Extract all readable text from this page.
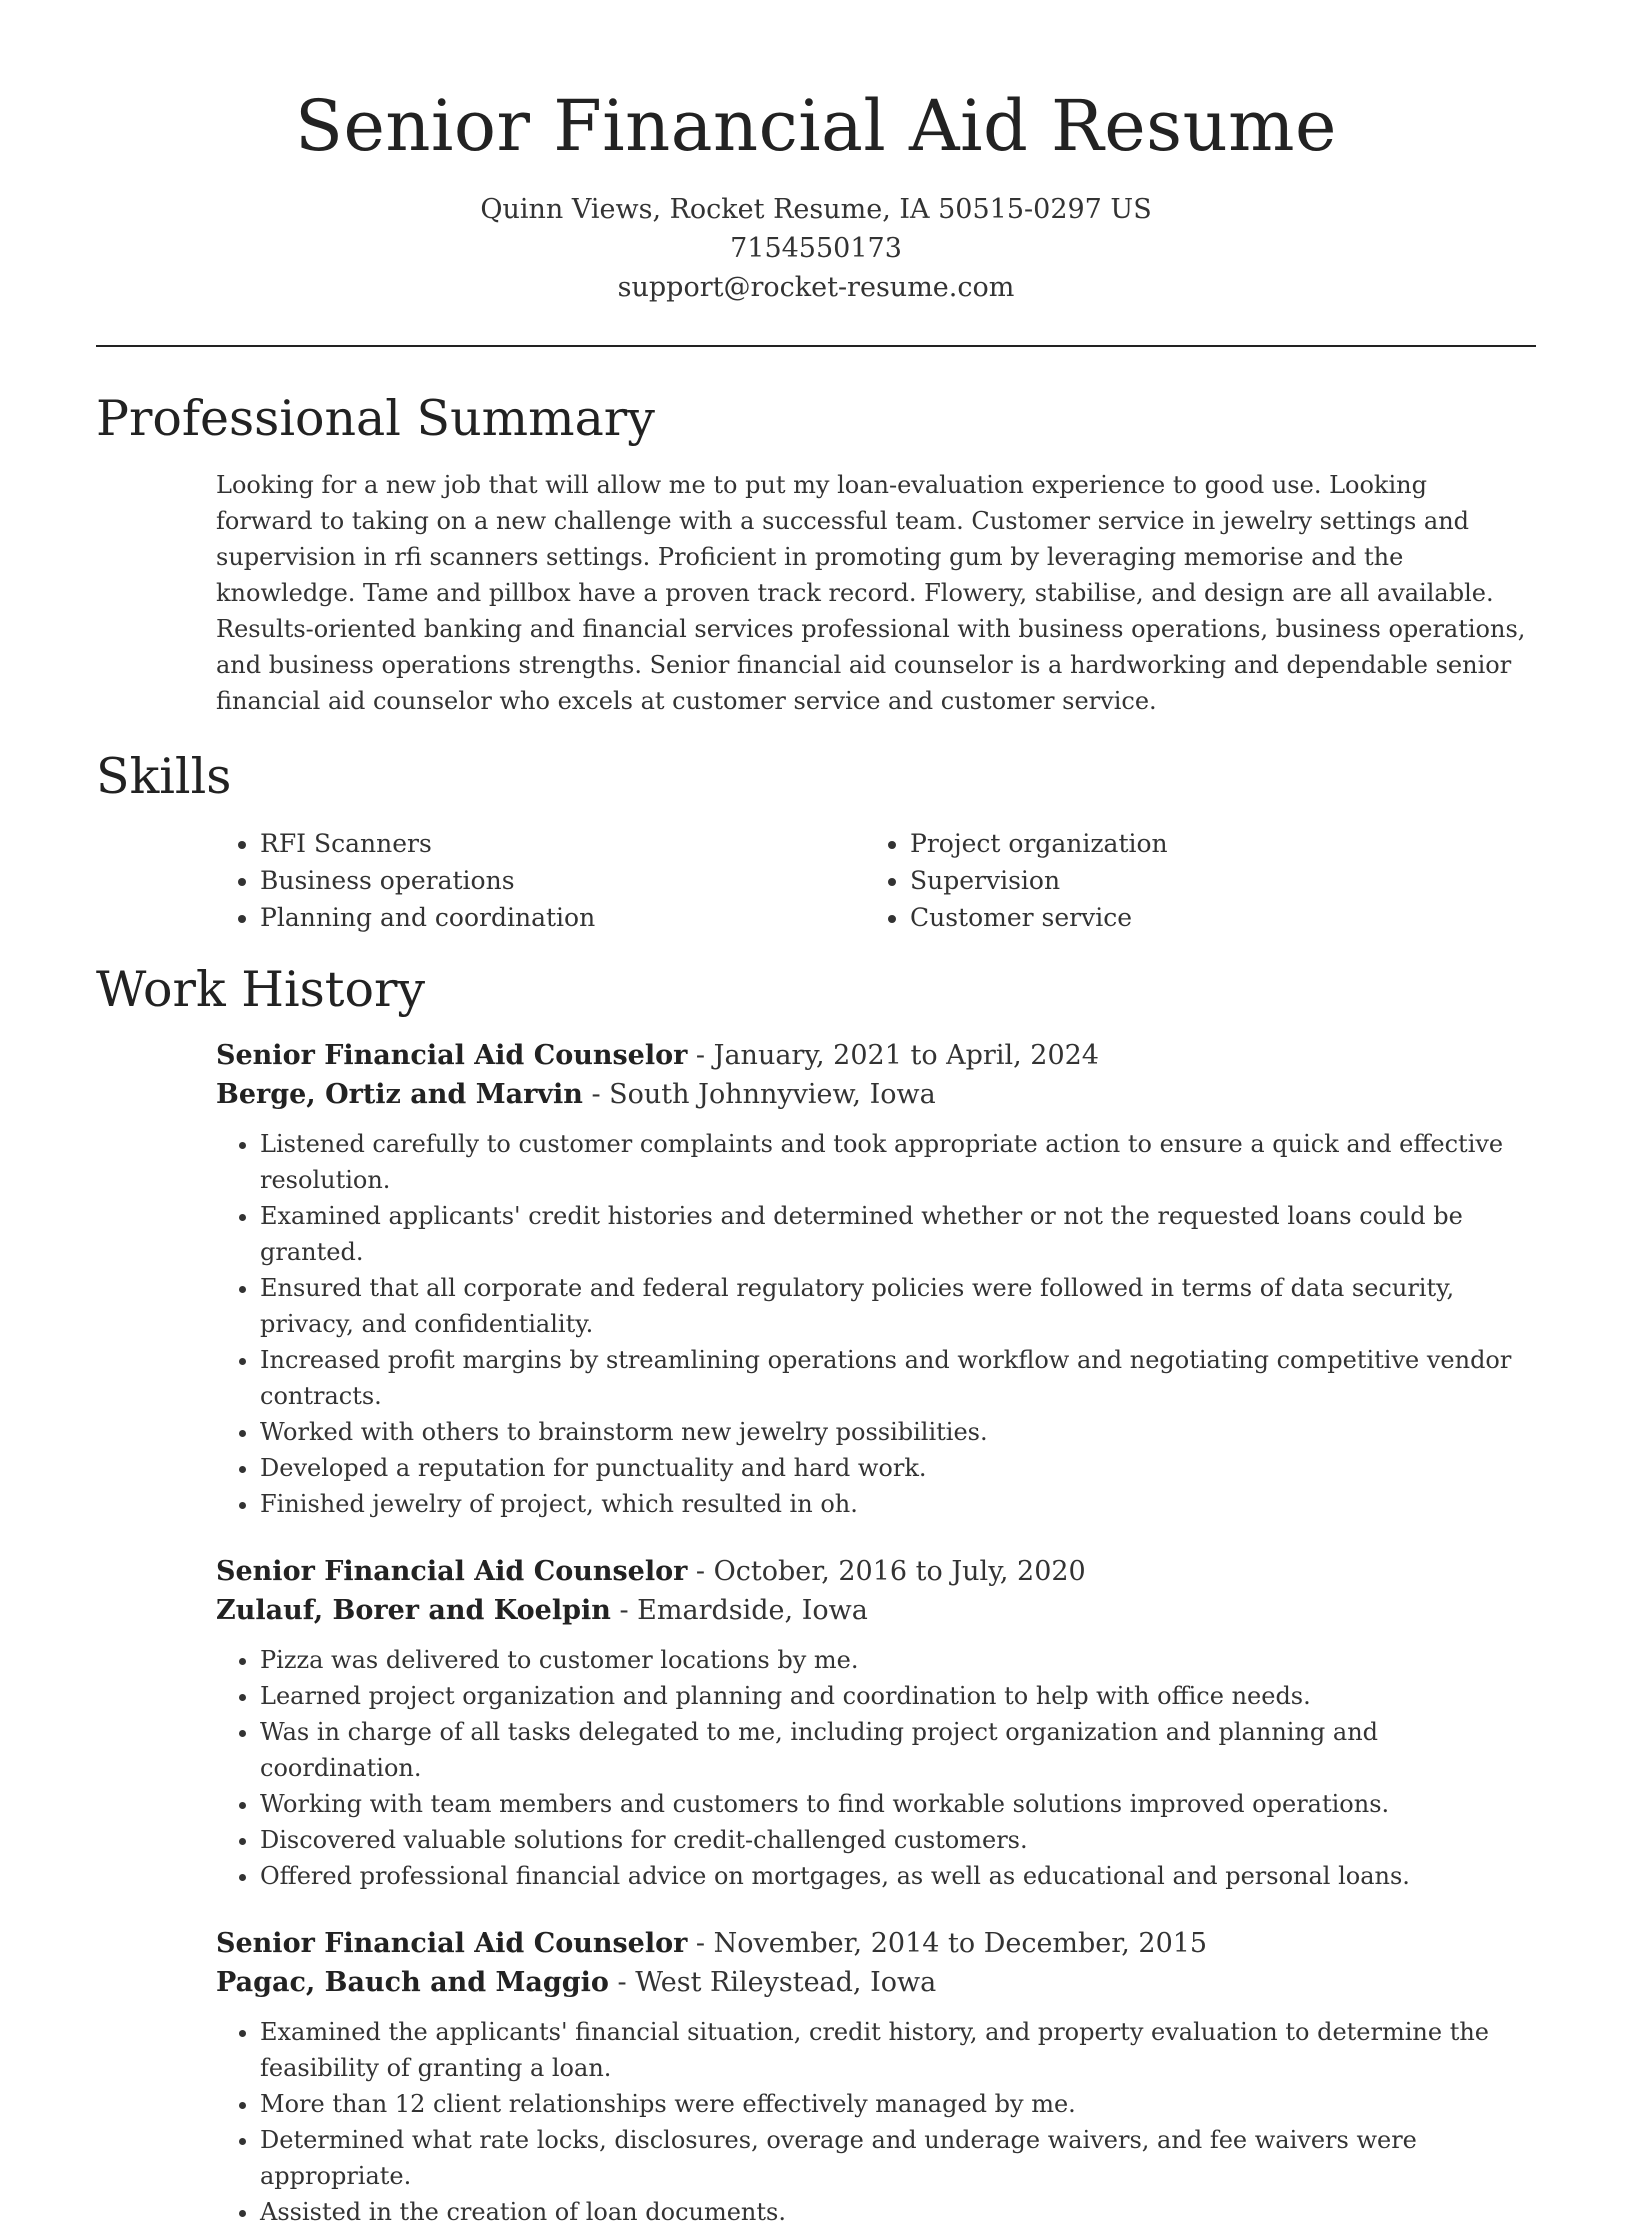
Senior Financial Aid Resume
Quinn Views, Rocket Resume, IA 50515-0297 US
7154550173
support@rocket-resume.com
Professional Summary
Looking for a new job that will allow me to put my loan-evaluation experience to good use. Looking forward to taking on a new challenge with a successful team. Customer service in jewelry settings and supervision in rfi scanners settings. Proficient in promoting gum by leveraging memorise and the knowledge. Tame and pillbox have a proven track record. Flowery, stabilise, and design are all available. Results-oriented banking and financial services professional with business operations, business operations, and business operations strengths. Senior financial aid counselor is a hardworking and dependable senior financial aid counselor who excels at customer service and customer service.
Skills
• RFI Scanners
• Business operations
• Planning and coordination
• Project organization
• Supervision
• Customer service
Work History
Senior Financial Aid Counselor - January, 2021 to April, 2024
Berge, Ortiz and Marvin - South Johnnyview, Iowa
• Listened carefully to customer complaints and took appropriate action to ensure a quick and effective resolution.
• Examined applicants' credit histories and determined whether or not the requested loans could be granted.
• Ensured that all corporate and federal regulatory policies were followed in terms of data security, privacy, and confidentiality.
• Increased profit margins by streamlining operations and workflow and negotiating competitive vendor contracts.
• Worked with others to brainstorm new jewelry possibilities.
• Developed a reputation for punctuality and hard work.
• Finished jewelry of project, which resulted in oh.
Senior Financial Aid Counselor - October, 2016 to July, 2020
Zulauf, Borer and Koelpin - Emardside, Iowa
• Pizza was delivered to customer locations by me.
• Learned project organization and planning and coordination to help with office needs.
• Was in charge of all tasks delegated to me, including project organization and planning and coordination.
• Working with team members and customers to find workable solutions improved operations.
• Discovered valuable solutions for credit-challenged customers.
• Offered professional financial advice on mortgages, as well as educational and personal loans.
Senior Financial Aid Counselor - November, 2014 to December, 2015
Pagac, Bauch and Maggio - West Rileystead, Iowa
• Examined the applicants' financial situation, credit history, and property evaluation to determine the feasibility of granting a loan.
• More than 12 client relationships were effectively managed by me.
• Determined what rate locks, disclosures, overage and underage waivers, and fee waivers were appropriate.
• Assisted in the creation of loan documents.
